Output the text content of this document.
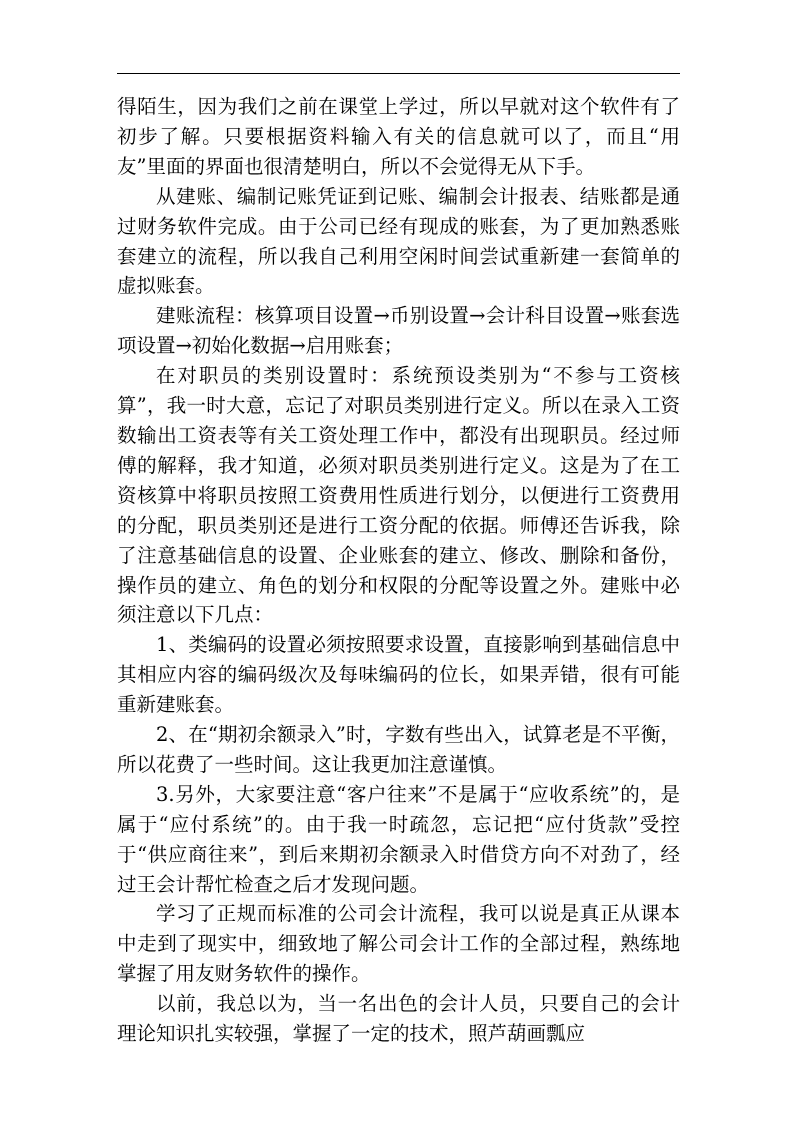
得陌生，因为我们之前在课堂上学过，所以早就对这个软件有了初步了解。只要根据资料输入有关的信息就可以了，而且“用友”里面的界面也很清楚明白，所以不会觉得无从下手。

从建账、编制记账凭证到记账、编制会计报表、结账都是通过财务软件完成。由于公司已经有现成的账套，为了更加熟悉账套建立的流程，所以我自己利用空闲时间尝试重新建一套简单的虚拟账套。

建账流程：核算项目设置→币别设置→会计科目设置→账套选项设置→初始化数据→启用账套；

在对职员的类别设置时：系统预设类别为“不参与工资核算”，我一时大意，忘记了对职员类别进行定义。所以在录入工资数输出工资表等有关工资处理工作中，都没有出现职员。经过师傅的解释，我才知道，必须对职员类别进行定义。这是为了在工资核算中将职员按照工资费用性质进行划分，以便进行工资费用的分配，职员类别还是进行工资分配的依据。师傅还告诉我，除了注意基础信息的设置、企业账套的建立、修改、删除和备份，操作员的建立、角色的划分和权限的分配等设置之外。建账中必须注意以下几点：

1、类编码的设置必须按照要求设置，直接影响到基础信息中其相应内容的编码级次及每味编码的位长，如果弄错，很有可能重新建账套。

2、在“期初余额录入”时，字数有些出入，试算老是不平衡，所以花费了一些时间。这让我更加注意谨慎。

3.另外，大家要注意“客户往来”不是属于“应收系统”的，是属于“应付系统”的。由于我一时疏忽，忘记把“应付货款”受控于“供应商往来”，到后来期初余额录入时借贷方向不对劲了，经过王会计帮忙检查之后才发现问题。

学习了正规而标准的公司会计流程，我可以说是真正从课本中走到了现实中，细致地了解公司会计工作的全部过程，熟练地掌握了用友财务软件的操作。

以前，我总以为，当一名出色的会计人员，只要自己的会计理论知识扎实较强，掌握了一定的技术，照芦葫画瓢应
